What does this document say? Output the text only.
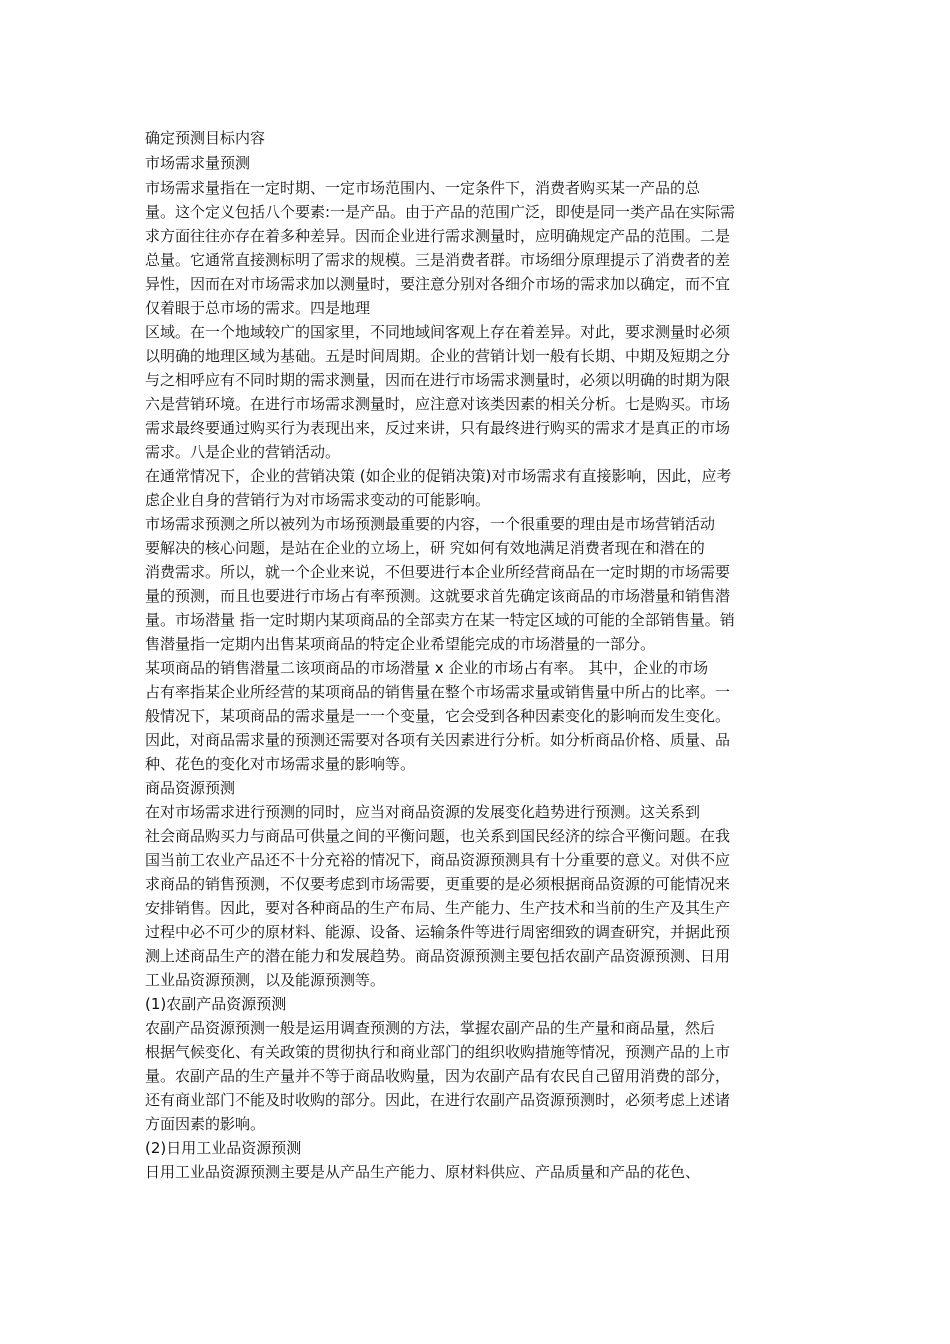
确定预测目标内容
市场需求量预测
市场需求量指在一定时期、一定市场范围内、一定条件下，消费者购买某一产品的总
量。这个定义包括八个要素:一是产品。由于产品的范围广泛，即使是同一类产品在实际需
求方面往往亦存在着多种差异。因而企业进行需求测量时，应明确规定产品的范围。二是
总量。它通常直接测标明了需求的规模。三是消费者群。市场细分原理提示了消费者的差
异性，因而在对市场需求加以测量时，要注意分别对各细介市场的需求加以确定，而不宜
仅着眼于总市场的需求。四是地理
区域。在一个地域较广的国家里，不同地域间客观上存在着差异。对此，要求测量时必须
以明确的地理区域为基础。五是时间周期。企业的营销计划一般有长期、中期及短期之分
与之相呼应有不同时期的需求测量，因而在进行市场需求测量时，必须以明确的时期为限
六是营销环境。在进行市场需求测量时，应注意对该类因素的相关分析。七是购买。市场
需求最终要通过购买行为表现出来，反过来讲，只有最终进行购买的需求才是真正的市场
需求。八是企业的营销活动。
在通常情况下，企业的营销决策 (如企业的促销决策)对市场需求有直接影响，因此，应考
虑企业自身的营销行为对市场需求变动的可能影响。
市场需求预测之所以被列为市场预测最重要的内容，一个很重要的理由是市场营销活动
要解决的核心问题，是站在企业的立场上，研 究如何有效地满足消费者现在和潜在的
消费需求。所以，就一个企业来说，不但要进行本企业所经营商品在一定时期的市场需要
量的预测，而且也要进行市场占有率预测。这就要求首先确定该商品的市场潜量和销售潜
量。市场潜量 指一定时期内某项商品的全部卖方在某一特定区域的可能的全部销售量。销
售潜量指一定期内出售某项商品的特定企业希望能完成的市场潜量的一部分。
某项商品的销售潜量二该项商品的市场潜量 x 企业的市场占有率。 其中，企业的市场
占有率指某企业所经营的某项商品的销售量在整个市场需求量或销售量中所占的比率。一
般情况下，某项商品的需求量是一一个变量，它会受到各种因素变化的影响而发生变化。
因此，对商品需求量的预测还需要对各项有关因素进行分析。如分析商品价格、质量、品
种、花色的变化对市场需求量的影响等。
商品资源预测
在对市场需求进行预测的同时，应当对商品资源的发展变化趋势进行预测。这关系到
社会商品购买力与商品可供量之间的平衡问题，也关系到国民经济的综合平衡问题。在我
国当前工农业产品还不十分充裕的情况下，商品资源预测具有十分重要的意义。对供不应
求商品的销售预测，不仅要考虑到市场需要，更重要的是必须根据商品资源的可能情况来
安排销售。因此，要对各种商品的生产布局、生产能力、生产技术和当前的生产及其生产
过程中必不可少的原材料、能源、设备、运输条件等进行周密细致的调查研究，并据此预
测上述商品生产的潜在能力和发展趋势。商品资源预测主要包括农副产品资源预测、日用
工业品资源预测，以及能源预测等。
(1)农副产品资源预测
农副产品资源预测一般是运用调查预测的方法，掌握农副产品的生产量和商品量，然后
根据气候变化、有关政策的贯彻执行和商业部门的组织收购措施等情况，预测产品的上市
量。农副产品的生产量并不等于商品收购量，因为农副产品有农民自己留用消费的部分，
还有商业部门不能及时收购的部分。因此，在进行农副产品资源预测时，必须考虑上述诸
方面因素的影响。
(2)日用工业品资源预测
日用工业品资源预测主要是从产品生产能力、原材料供应、产品质量和产品的花色、
